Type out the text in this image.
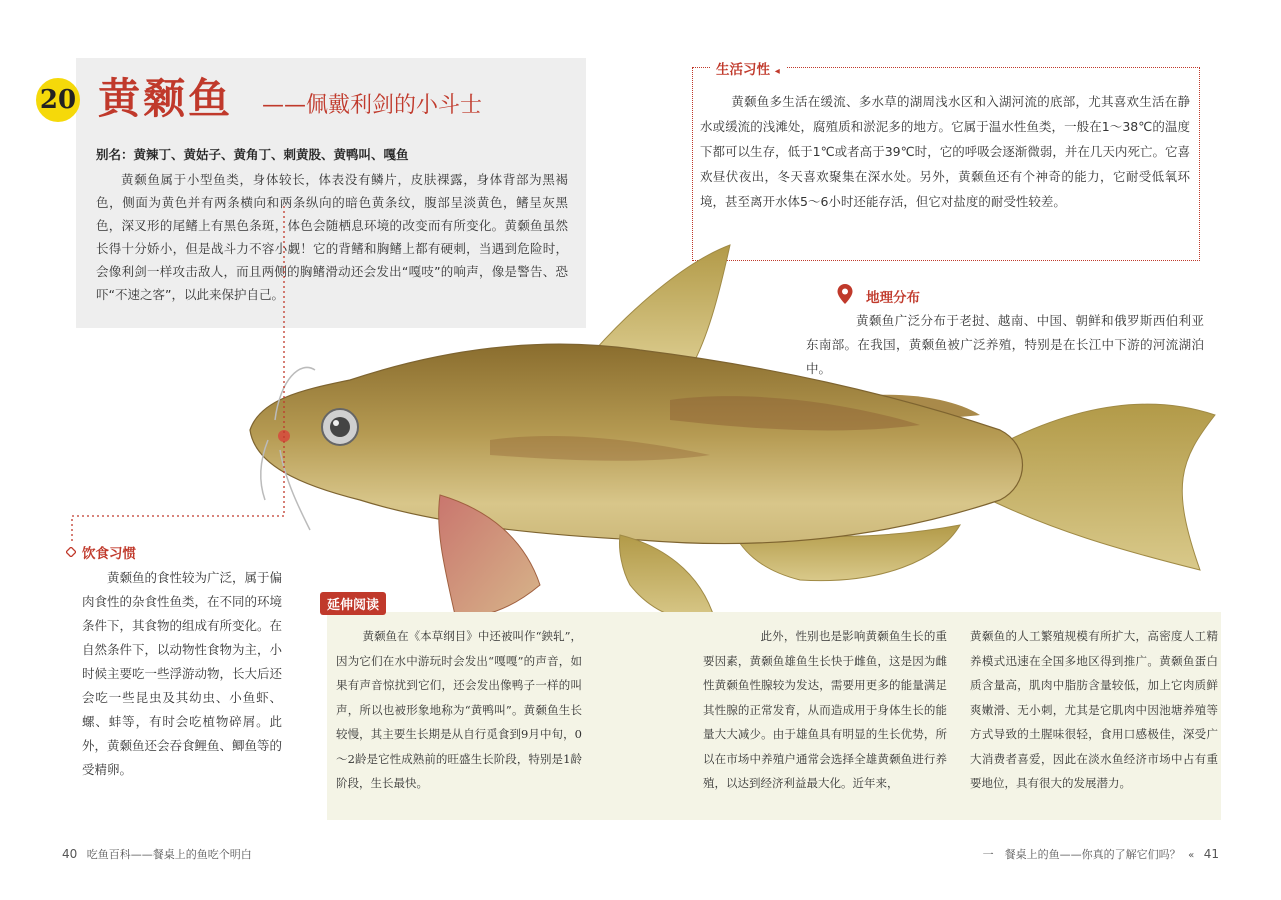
20 黄颡鱼 ——佩戴利剑的小斗士
别名：黄辣丁、黄姑子、黄角丁、刺黄股、黄鸭叫、嘎鱼

黄颡鱼属于小型鱼类，身体较长，体表没有鳞片，皮肤裸露，身体背部为黑褐色，侧面为黄色并有两条横向和两条纵向的暗色黄条纹，腹部呈淡黄色，鳍呈灰黑色，深叉形的尾鳍上有黑色条斑，体色会随栖息环境的改变而有所变化。黄颡鱼虽然长得十分娇小，但是战斗力不容小觑！它的背鳍和胸鳍上都有硬刺，当遇到危险时，会像利剑一样攻击敌人，而且两侧的胸鳍滑动还会发出“嘎吱”的响声，像是警告、恐吓“不速之客”，以此来保护自己。

生活习性 ◂

黄颡鱼多生活在缓流、多水草的湖周浅水区和入湖河流的底部，尤其喜欢生活在静水或缓流的浅滩处，腐殖质和淤泥多的地方。它属于温水性鱼类，一般在1～38℃的温度下都可以生存，低于1℃或者高于39℃时，它的呼吸会逐渐微弱，并在几天内死亡。它喜欢昼伏夜出，冬天喜欢聚集在深水处。另外，黄颡鱼还有个神奇的能力，它耐受低氧环境，甚至离开水体5～6小时还能存活，但它对盐度的耐受性较差。

地理分布

黄颡鱼广泛分布于老挝、越南、中国、朝鲜和俄罗斯西伯利亚东南部。在我国，黄颡鱼被广泛养殖，特别是在长江中下游的河流湖泊中。

饮食习惯

黄颡鱼的食性较为广泛，属于偏肉食性的杂食性鱼类，在不同的环境条件下，其食物的组成有所变化。在自然条件下，以动物性食物为主，小时候主要吃一些浮游动物，长大后还会吃一些昆虫及其幼虫、小鱼虾、螺、蚌等，有时会吃植物碎屑。此外，黄颡鱼还会吞食鲤鱼、鲫鱼等的受精卵。

延伸阅读

黄颡鱼在《本草纲目》中还被叫作“鉠轧”，因为它们在水中游玩时会发出“嘎嘎”的声音，如果有声音惊扰到它们，还会发出像鸭子一样的叫声，所以也被形象地称为“黄鸭叫”。黄颡鱼生长较慢，其主要生长期是从自行觅食到9月中旬，0～2龄是它性成熟前的旺盛生长阶段，特别是1龄阶段，生长最快。

此外，性别也是影响黄颡鱼生长的重要因素，黄颡鱼雄鱼生长快于雌鱼，这是因为雌性黄颡鱼性腺较为发达，需要用更多的能量满足其性腺的正常发育，从而造成用于身体生长的能量大大减少。由于雄鱼具有明显的生长优势，所以在市场中养殖户通常会选择全雄黄颡鱼进行养殖，以达到经济利益最大化。近年来，

黄颡鱼的人工繁殖规模有所扩大，高密度人工精养模式迅速在全国多地区得到推广。黄颡鱼蛋白质含量高，肌肉中脂肪含量较低，加上它肉质鲜爽嫩滑、无小刺，尤其是它肌肉中因池塘养殖等方式导致的土腥味很轻，食用口感极佳，深受广大消费者喜爱，因此在淡水鱼经济市场中占有重要地位，具有很大的发展潜力。

40 吃鱼百科——餐桌上的鱼吃个明白	一　餐桌上的鱼——你真的了解它们吗？ « 41
